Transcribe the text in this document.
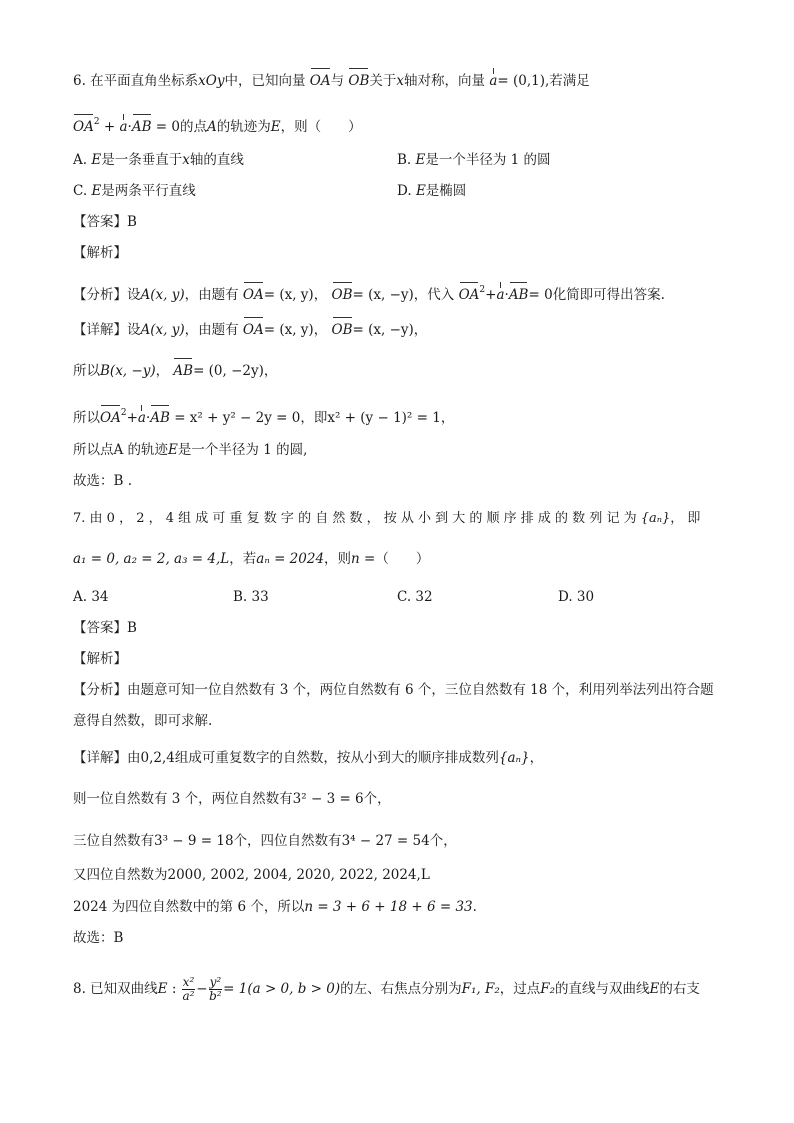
6. 在平面直角坐标系xOy中，已知向量 OA与 OB关于x轴对称，向量 a= (0,1),若满足
$OA^2 + a\cdot AB = 0$的点A的轨迹为E，则（　　）
A. E是一条垂直于x轴的直线	B. E是一个半径为 1 的圆
C. E是两条平行直线	D. E是椭圆
【答案】B
【解析】
【分析】设A(x, y)，由题有 OA= (x, y)， OB= (x, −y)，代入 $OA^2+a\cdot AB= 0$化简即可得出答案.
【详解】设A(x, y)，由题有 OA= (x, y)， OB= (x, −y)，
所以B(x, −y)， AB= (0, −2y)，
所以$OA^2+a\cdot AB = x^2 + y^2 - 2y = 0$，即x² + (y − 1)² = 1，
所以点A 的轨迹E是一个半径为 1 的圆,
故选：B .
7. 由 0 ， 2 ， 4 组 成 可 重 复 数 字 的 自 然 数 ， 按 从 小 到 大 的 顺 序 排 成 的 数 列 记 为 {aₙ}， 即
a₁ = 0, a₂ = 2, a₃ = 4,L，若aₙ = 2024，则n =（　　）
A. 34	B. 33	C. 32	D. 30
【答案】B
【解析】
【分析】由题意可知一位自然数有 3 个，两位自然数有 6 个，三位自然数有 18 个，利用列举法列出符合题
意得自然数，即可求解.
【详解】由0,2,4组成可重复数字的自然数，按从小到大的顺序排成数列{aₙ}，
则一位自然数有 3 个，两位自然数有3² − 3 = 6个，
三位自然数有3³ − 9 = 18个，四位自然数有3⁴ − 27 = 54个，
又四位自然数为2000, 2002, 2004, 2020, 2022, 2024,L
2024 为四位自然数中的第 6 个，所以n = 3 + 6 + 18 + 6 = 33.
故选：B
8. 已知双曲线E : $\frac{\text{x²}}{\text{a²}} - \frac{\text{y²}}{\text{b²}} = 1(a > 0$, b > 0)的左、右焦点分别为F₁, F₂，过点F₂的直线与双曲线E的右支
